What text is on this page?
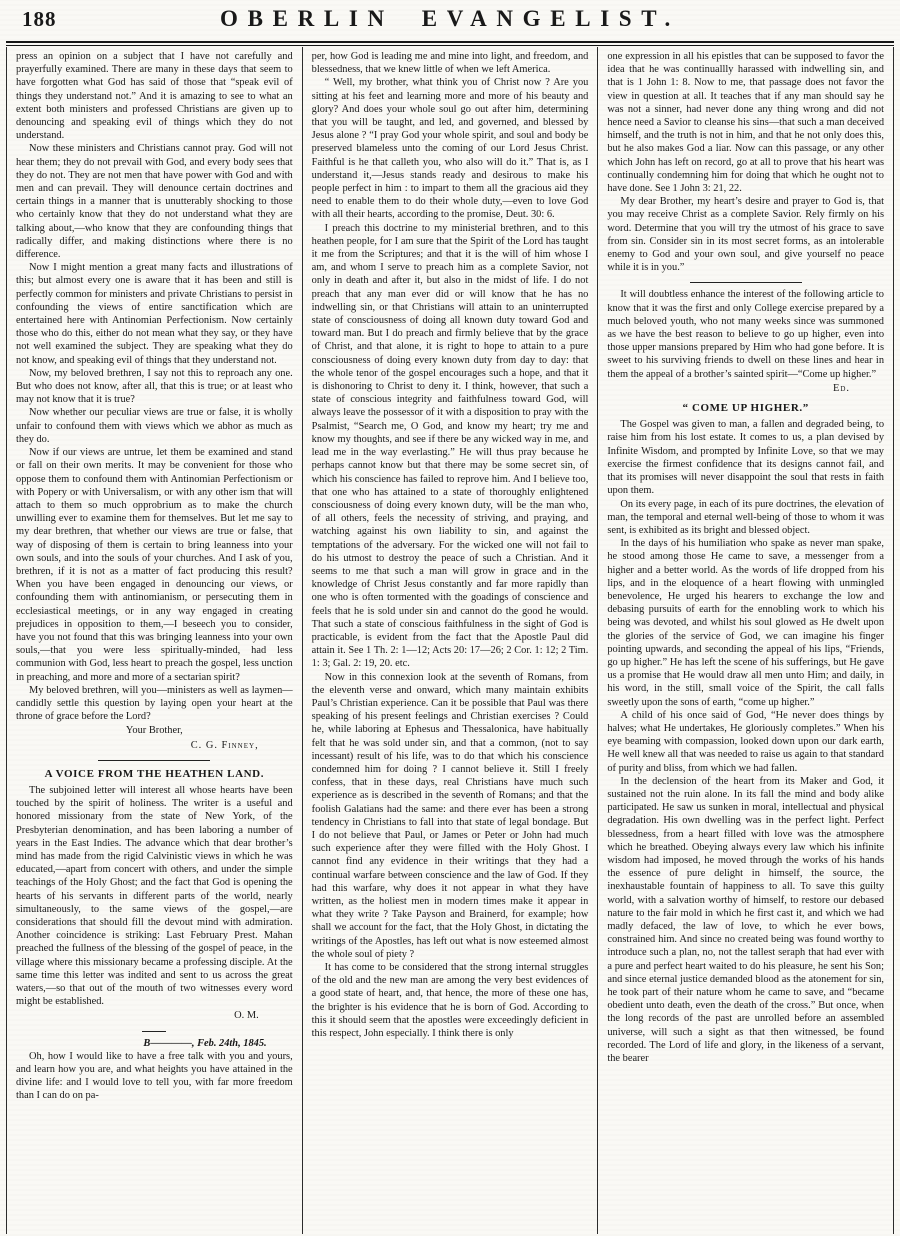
188	OBERLIN EVANGELIST.

press an opinion on a subject that I have not carefully and prayerfully examined. There are many in these days that seem to have forgotten what God has said of those that “speak evil of things they understand not.” And it is amazing to see to what an extent both ministers and professed Christians are given up to denouncing and speaking evil of things which they do not understand.

Now these ministers and Christians cannot pray. God will not hear them; they do not prevail with God, and every body sees that they do not. They are not men that have power with God and with men and can prevail. They will denounce certain doctrines and certain things in a manner that is unutterably shocking to those who certainly know that they do not understand what they are talking about,—who know that they are confounding things that radically differ, and making distinctions where there is no difference.

Now I might mention a great many facts and illustrations of this; but almost every one is aware that it has been and still is perfectly common for ministers and private Christians to persist in confounding the views of entire sanctification which are entertained here with Antinomian Perfectionism. Now certainly those who do this, either do not mean what they say, or they have not well examined the subject. They are speaking what they do not know, and speaking evil of things that they understand not.

Now, my beloved brethren, I say not this to reproach any one. But who does not know, after all, that this is true; or at least who may not know that it is true?

Now whether our peculiar views are true or false, it is wholly unfair to confound them with views which we abhor as much as they do.

Now if our views are untrue, let them be examined and stand or fall on their own merits. It may be convenient for those who oppose them to confound them with Antinomian Perfectionism or with Popery or with Universalism, or with any other ism that will attach to them so much opprobrium as to make the church unwilling ever to examine them for themselves. But let me say to my dear brethren, that whether our views are true or false, that way of disposing of them is certain to bring leanness into your own souls, and into the souls of your churches. And I ask of you, brethren, if it is not as a matter of fact producing this result? When you have been engaged in denouncing our views, or confounding them with antinomianism, or persecuting them in ecclesiastical meetings, or in any way engaged in creating prejudices in opposition to them,—I beseech you to consider, have you not found that this was bringing leanness into your own souls,—that you were less spiritually-minded, had less communion with God, less heart to preach the gospel, less unction in preaching, and more and more of a sectarian spirit?

My beloved brethren, will you—ministers as well as laymen—candidly settle this question by laying open your heart at the throne of grace before the Lord?

Your Brother,

C. G. Finney,

A VOICE FROM THE HEATHEN LAND.

The subjoined letter will interest all whose hearts have been touched by the spirit of holiness. The writer is a useful and honored missionary from the state of New York, of the Presbyterian denomination, and has been laboring a number of years in the East Indies. The advance which that dear brother’s mind has made from the rigid Calvinistic views in which he was educated,—apart from concert with others, and under the simple teachings of the Holy Ghost; and the fact that God is opening the hearts of his servants in different parts of the world, nearly simultaneously, to the same views of the gospel,—are considerations that should fill the devout mind with admiration. Another coincidence is striking: Last February Prest. Mahan preached the fullness of the blessing of the gospel of peace, in the village where this missionary became a professing disciple. At the same time this letter was indited and sent to us across the great waters,—so that out of the mouth of two witnesses every word might be established.

O. M.

B————, Feb. 24th, 1845.

Oh, how I would like to have a free talk with you and yours, and learn how you are, and what heights you have attained in the divine life: and I would love to tell you, with far more freedom than I can do on pa-

per, how God is leading me and mine into light, and freedom, and blessedness, that we knew little of when we left America.

“ Well, my brother, what think you of Christ now ? Are you sitting at his feet and learning more and more of his beauty and glory? And does your whole soul go out after him, determining that you will be taught, and led, and governed, and blessed by Jesus alone ? “I pray God your whole spirit, and soul and body be preserved blameless unto the coming of our Lord Jesus Christ. Faithful is he that calleth you, who also will do it.” That is, as I understand it,—Jesus stands ready and desirous to make his people perfect in him : to impart to them all the gracious aid they need to enable them to do their whole duty,—even to love God with all their hearts, according to the promise, Deut. 30: 6.

I preach this doctrine to my ministerial brethren, and to this heathen people, for I am sure that the Spirit of the Lord has taught it me from the Scriptures; and that it is the will of him whose I am, and whom I serve to preach him as a complete Savior, not only in death and after it, but also in the midst of life. I do not preach that any man ever did or will know that he has no indwelling sin, or that Christians will attain to an uninterrupted state of consciousness of doing all known duty toward God and toward man. But I do preach and firmly believe that by the grace of Christ, and that alone, it is right to hope to attain to a pure consciousness of doing every known duty from day to day: that the whole tenor of the gospel encourages such a hope, and that it is dishonoring to Christ to deny it. I think, however, that such a state of conscious integrity and faithfulness toward God, will always leave the possessor of it with a disposition to pray with the Psalmist, “Search me, O God, and know my heart; try me and know my thoughts, and see if there be any wicked way in me, and lead me in the way everlasting.” He will thus pray because he perhaps cannot know but that there may be some secret sin, of which his conscience has failed to reprove him. And I believe too, that one who has attained to a state of thoroughly enlightened consciousness of doing every known duty, will be the man who, of all others, feels the necessity of striving, and praying, and watching against his own liability to sin, and against the temptations of the adversary. For the wicked one will not fail to do his utmost to destroy the peace of such a Christian. And it seems to me that such a man will grow in grace and in the knowledge of Christ Jesus constantly and far more rapidly than one who is often tormented with the goadings of conscience and feels that he is sold under sin and cannot do the good he would. That such a state of conscious faithfulness in the sight of God is practicable, is evident from the fact that the Apostle Paul did attain it. See 1 Th. 2: 1—12; Acts 20: 17—26; 2 Cor. 1: 12; 2 Tim. 1: 3; Gal. 2: 19, 20. etc.

Now in this connexion look at the seventh of Romans, from the eleventh verse and onward, which many maintain exhibits Paul’s Christian experience. Can it be possible that Paul was there speaking of his present feelings and Christian exercises ? Could he, while laboring at Ephesus and Thessalonica, have habitually felt that he was sold under sin, and that a common, (not to say incessant) result of his life, was to do that which his conscience condemned him for doing ? I cannot believe it. Still I freely confess, that in these days, real Christians have much such experience as is described in the seventh of Romans; and that the foolish Galatians had the same: and there ever has been a strong tendency in Christians to fall into that state of legal bondage. But I do not believe that Paul, or James or Peter or John had much such experience after they were filled with the Holy Ghost. I cannot find any evidence in their writings that they had a continual warfare between conscience and the law of God. If they had this warfare, why does it not appear in what they have written, as the holiest men in modern times make it appear in what they write ? Take Payson and Brainerd, for example; how shall we account for the fact, that the Holy Ghost, in dictating the writings of the Apostles, has left out what is now esteemed almost the whole soul of piety ?

It has come to be considered that the strong internal struggles of the old and the new man are among the very best evidences of a good state of heart, and, that hence, the more of these one has, the brighter is his evidence that he is born of God. According to this it should seem that the apostles were exceedingly deficient in this respect, John especially. I think there is only

one expression in all his epistles that can be supposed to favor the idea that he was continuallly harassed with indwelling sin, and that is 1 John 1: 8. Now to me, that passage does not favor the view in question at all. It teaches that if any man should say he was not a sinner, had never done any thing wrong and did not hence need a Savior to cleanse his sins—that such a man deceived himself, and the truth is not in him, and that he not only does this, but he also makes God a liar. Now can this passage, or any other which John has left on record, go at all to prove that his heart was continually condemning him for doing that which he ought not to have done. See 1 John 3: 21, 22.

My dear Brother, my heart’s desire and prayer to God is, that you may receive Christ as a complete Savior. Rely firmly on his word. Determine that you will try the utmost of his grace to save from sin. Consider sin in its most secret forms, as an intolerable enemy to God and your own soul, and give yourself no peace while it is in you.”

It will doubtless enhance the interest of the following article to know that it was the first and only College exercise prepared by a much beloved youth, who not many weeks since was summoned as we have the best reason to believe to go up higher, even into those upper mansions prepared by Him who had gone before. It is sweet to his surviving friends to dwell on these lines and hear in them the appeal of a brother’s sainted spirit—“Come up higher.”

Ed.

“ COME UP HIGHER.”

The Gospel was given to man, a fallen and degraded being, to raise him from his lost estate. It comes to us, a plan devised by Infinite Wisdom, and prompted by Infinite Love, so that we may exercise the firmest confidence that its designs cannot fail, and that its promises will never disappoint the soul that rests in faith upon them.

On its every page, in each of its pure doctrines, the elevation of man, the temporal and eternal well-being of those to whom it was sent, is exhibited as its bright and blessed object.

In the days of his humiliation who spake as never man spake, he stood among those He came to save, a messenger from a higher and a better world. As the words of life dropped from his lips, and in the eloquence of a heart flowing with unmingled benevolence, He urged his hearers to exchange the low and debasing pursuits of earth for the ennobling work to which his being was devoted, and whilst his soul glowed as He dwelt upon the glories of the service of God, we can imagine his finger pointing upwards, and seconding the appeal of his lips, “Friends, go up higher.” He has left the scene of his sufferings, but He gave us a promise that He would draw all men unto Him; and daily, in his word, in the still, small voice of the Spirit, the call falls sweetly upon the sons of earth, “come up higher.”

A child of his once said of God, “He never does things by halves; what He undertakes, He gloriously completes.” When his eye beaming with compassion, looked down upon our dark earth, He well knew all that was needed to raise us again to that standard of purity and bliss, from which we had fallen.

In the declension of the heart from its Maker and God, it sustained not the ruin alone. In its fall the mind and body alike participated. He saw us sunken in moral, intellectual and physical degradation. His own dwelling was in the perfect light. Perfect blessedness, from a heart filled with love was the atmosphere which he breathed. Obeying always every law which his infinite wisdom had imposed, he moved through the works of his hands the essence of pure delight in himself, the source, the inexhaustable fountain of happiness to all. To save this guilty world, with a salvation worthy of himself, to restore our debased nature to the fair mold in which he first cast it, and which we had madly defaced, the law of love, to which he ever bows, constrained him. And since no created being was found worthy to introduce such a plan, no, not the tallest seraph that had ever with a pure and perfect heart waited to do his pleasure, he sent his Son; and since eternal justice demanded blood as the atonement for sin, he took part of their nature whom he came to save, and “became obedient unto death, even the death of the cross.” But once, when the long records of the past are unrolled before an assembled universe, will such a sight as that then witnessed, be found recorded. The Lord of life and glory, in the likeness of a servant, the bearer
